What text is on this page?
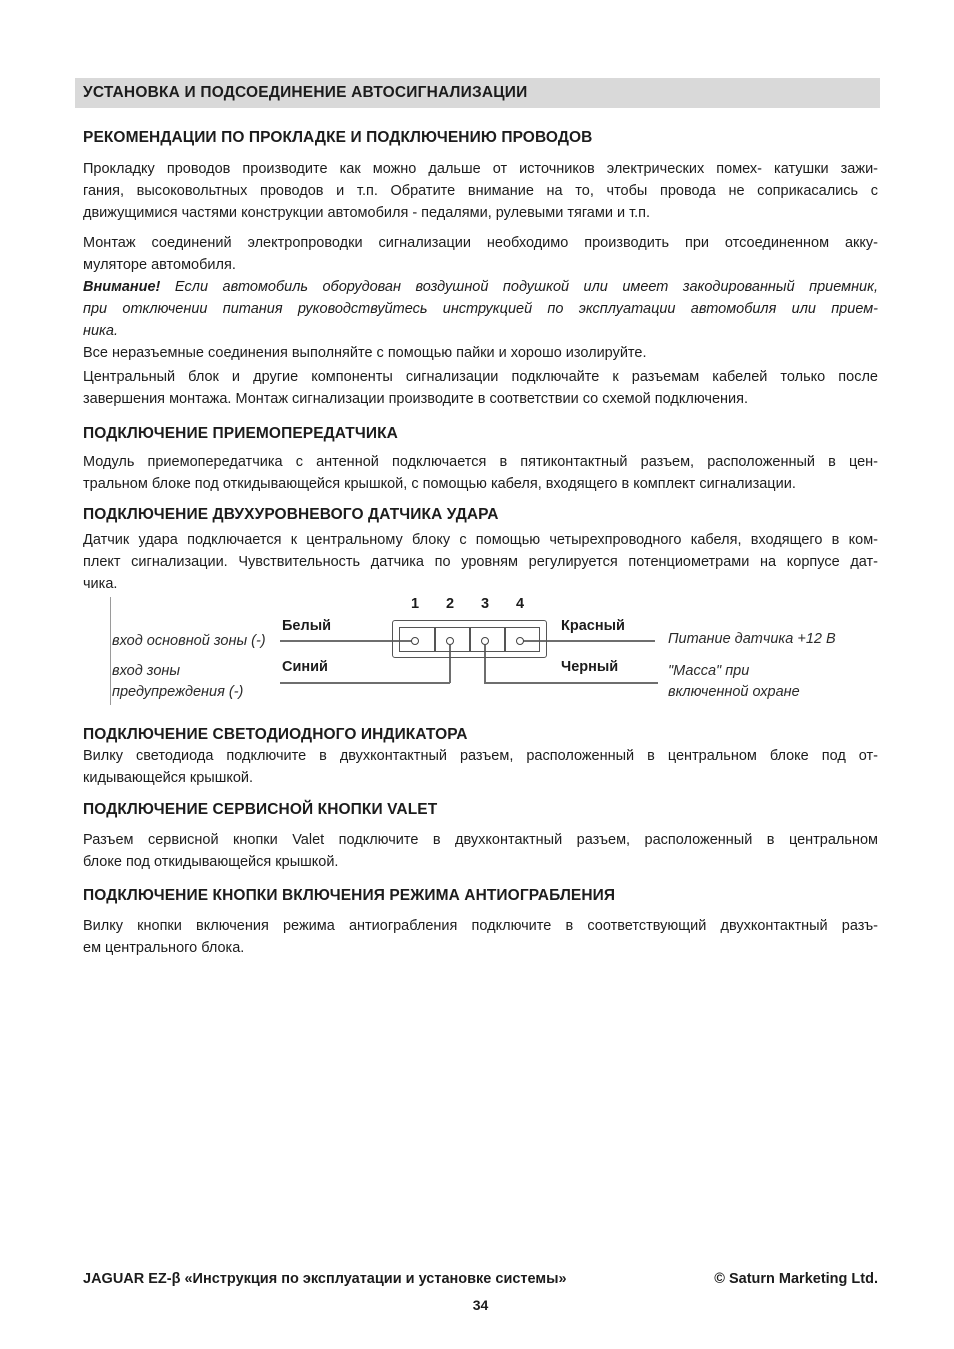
УСТАНОВКА И ПОДСОЕДИНЕНИЕ АВТОСИГНАЛИЗАЦИИ
РЕКОМЕНДАЦИИ ПО ПРОКЛАДКЕ И ПОДКЛЮЧЕНИЮ ПРОВОДОВ
Прокладку проводов производите как можно дальше от источников электрических помех- катушки зажи-
гания, высоковольтных проводов и т.п. Обратите внимание на то, чтобы провода не соприкасались с
движущимися частями конструкции автомобиля - педалями, рулевыми тягами и т.п.
Монтаж соединений электропроводки сигнализации необходимо производить при отсоединенном акку-
муляторе автомобиля.
Внимание! Если автомобиль оборудован воздушной подушкой или имеет закодированный приемник,
при отключении питания руководствуйтесь инструкцией по эксплуатации автомобиля или прием-
ника.
Все неразъемные соединения выполняйте с помощью пайки и хорошо изолируйте.
Центральный блок и другие компоненты сигнализации подключайте к разъемам кабелей только после
завершения монтажа. Монтаж сигнализации производите в соответствии со схемой подключения.
ПОДКЛЮЧЕНИЕ ПРИЕМОПЕРЕДАТЧИКА
Модуль приемопередатчика с антенной подключается в пятиконтактный разъем, расположенный в цен-
тральном блоке под откидывающейся крышкой, с помощью кабеля, входящего в комплект сигнализации.
ПОДКЛЮЧЕНИЕ ДВУХУРОВНЕВОГО ДАТЧИКА УДАРА
Датчик удара подключается к центральному блоку с помощью четырехпроводного кабеля, входящего в ком-
плект сигнализации. Чувствительность датчика по уровням регулируется потенциометрами на корпусе дат-
чика.
1	2	3	4
Белый	Красный
Синий	Черный
вход основной зоны (-)
вход зоны
предупреждения (-)
Питание датчика +12 В
"Масса" при
включенной охране
ПОДКЛЮЧЕНИЕ СВЕТОДИОДНОГО ИНДИКАТОРА
Вилку светодиода подключите в двухконтактный разъем, расположенный в центральном блоке под от-
кидывающейся крышкой.
ПОДКЛЮЧЕНИЕ СЕРВИСНОЙ КНОПКИ VALET
Разъем сервисной кнопки Valet подключите в двухконтактный разъем, расположенный в центральном
блоке под откидывающейся крышкой.
ПОДКЛЮЧЕНИЕ КНОПКИ ВКЛЮЧЕНИЯ РЕЖИМА АНТИОГРАБЛЕНИЯ
Вилку кнопки включения режима антиограбления подключите в соответствующий двухконтактный разъ-
ем центрального блока.
JAGUAR EZ-β «Инструкция по эксплуатации и установке системы»	© Saturn Marketing Ltd.
34
